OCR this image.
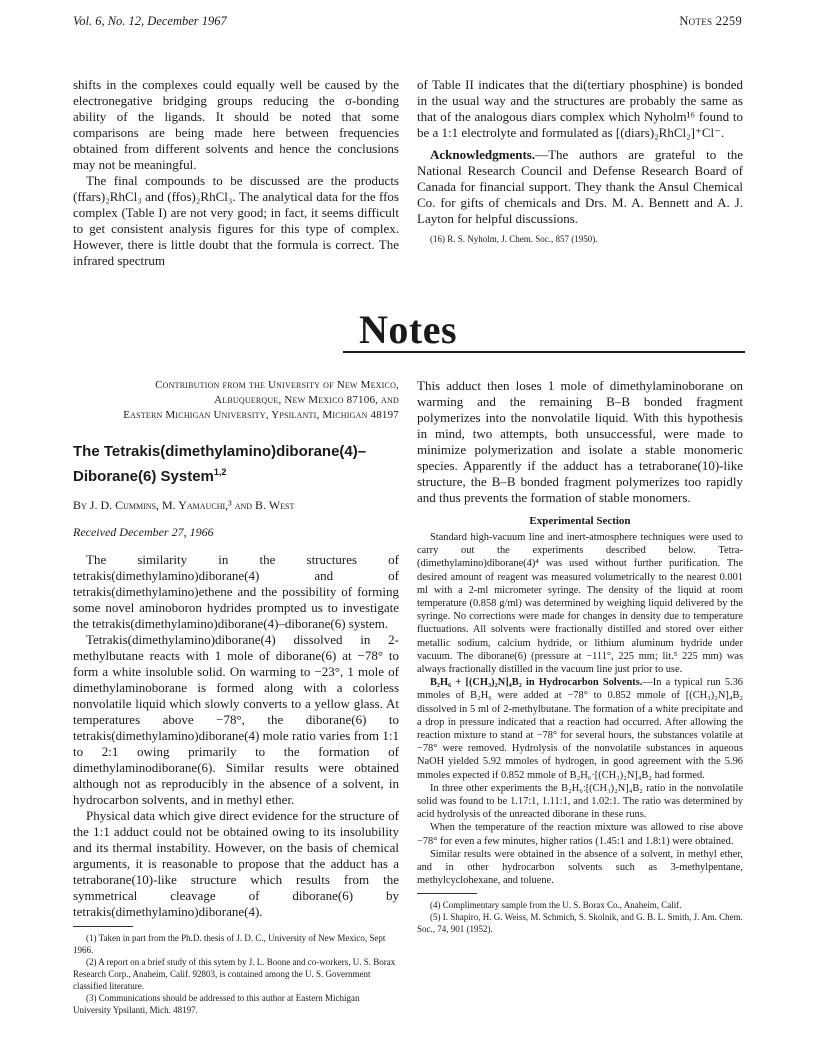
Vol. 6, No. 12, December 1967	Notes 2259

shifts in the complexes could equally well be caused by the electronegative bridging groups reducing the σ-bonding ability of the ligands. It should be noted that some comparisons are being made here between frequencies obtained from different solvents and hence the conclusions may not be meaningful.

The final compounds to be discussed are the products (ffars)₂RhCl₃ and (ffos)₂RhCl₃. The analytical data for the ffos complex (Table I) are not very good; in fact, it seems difficult to get consistent analysis figures for this type of complex. However, there is little doubt that the formula is correct. The infrared spectrum

of Table II indicates that the di(tertiary phosphine) is bonded in the usual way and the structures are probably the same as that of the analogous diars complex which Nyholm¹⁶ found to be a 1:1 electrolyte and formulated as [(diars)₂RhCl₂]⁺Cl⁻.

Acknowledgments.—The authors are grateful to the National Research Council and Defense Research Board of Canada for financial support. They thank the Ansul Chemical Co. for gifts of chemicals and Drs. M. A. Bennett and A. J. Layton for helpful discussions.

(16) R. S. Nyholm, J. Chem. Soc., 857 (1950).

Notes
Contribution from the University of New Mexico,
Albuquerque, New Mexico 87106, and
Eastern Michigan University, Ypsilanti, Michigan 48197
The Tetrakis(dimethylamino)diborane(4)–
Diborane(6) System$^{1,2}$
By J. D. Cummins, M. Yamauchi,³ and B. West
Received December 27, 1966

The similarity in the structures of tetrakis(dimethylamino)diborane(4) and of tetrakis(dimethylamino)ethene and the possibility of forming some novel aminoboron hydrides prompted us to investigate the tetrakis(dimethylamino)diborane(4)–diborane(6) system.

Tetrakis(dimethylamino)diborane(4) dissolved in 2-methylbutane reacts with 1 mole of diborane(6) at −78° to form a white insoluble solid. On warming to −23°, 1 mole of dimethylaminoborane is formed along with a colorless nonvolatile liquid which slowly converts to a yellow glass. At temperatures above −78°, the diborane(6) to tetrakis(dimethylamino)diborane(4) mole ratio varies from 1:1 to 2:1 owing primarily to the formation of dimethylaminodiborane(6). Similar results were obtained although not as reproducibly in the absence of a solvent, in hydrocarbon solvents, and in methyl ether.

Physical data which give direct evidence for the structure of the 1:1 adduct could not be obtained owing to its insolubility and its thermal instability. However, on the basis of chemical arguments, it is reasonable to propose that the adduct has a tetraborane(10)-like structure which results from the symmetrical cleavage of diborane(6) by tetrakis(dimethylamino)diborane(4).

(1) Taken in part from the Ph.D. thesis of J. D. C., University of New Mexico, Sept 1966.

(2) A report on a brief study of this sytem by J. L. Boone and co-workers, U. S. Borax Research Corp., Anaheim, Calif. 92803, is contained among the U. S. Government classified literature.

(3) Communications should be addressed to this author at Eastern Michigan University Ypsilanti, Mich. 48197.

This adduct then loses 1 mole of dimethylaminoborane on warming and the remaining B–B bonded fragment polymerizes into the nonvolatile liquid. With this hypothesis in mind, two attempts, both unsuccessful, were made to minimize polymerization and isolate a stable monomeric species. Apparently if the adduct has a tetraborane(10)-like structure, the B–B bonded fragment polymerizes too rapidly and thus prevents the formation of stable monomers.

Experimental Section

Standard high-vacuum line and inert-atmosphere techniques were used to carry out the experiments described below. Tetra-(dimethylamino)diborane(4)⁴ was used without further purification. The desired amount of reagent was measured volumetrically to the nearest 0.001 ml with a 2-ml micrometer syringe. The density of the liquid at room temperature (0.858 g/ml) was determined by weighing liquid delivered by the syringe. No corrections were made for changes in density due to temperature fluctuations. All solvents were fractionally distilled and stored over either metallic sodium, calcium hydride, or lithium aluminum hydride under vacuum. The diborane(6) (pressure at −111°, 225 mm; lit.⁵ 225 mm) was always fractionally distilled in the vacuum line just prior to use.

B₂H₆ + [(CH₃)₂N]₄B₂ in Hydrocarbon Solvents.—In a typical run 5.36 mmoles of B₂H₆ were added at −78° to 0.852 mmole of [(CH₃)₂N]₄B₂ dissolved in 5 ml of 2-methylbutane. The formation of a white precipitate and a drop in pressure indicated that a reaction had occurred. After allowing the reaction mixture to stand at −78° for several hours, the substances volatile at −78° were removed. Hydrolysis of the nonvolatile substances in aqueous NaOH yielded 5.92 mmoles of hydrogen, in good agreement with the 5.96 mmoles expected if 0.852 mmole of B₂H₆·[(CH₃)₂N]₄B₂ had formed.

In three other experiments the B₂H₆:[(CH₃)₂N]₄B₂ ratio in the nonvolatile solid was found to be 1.17:1, 1.11:1, and 1.02:1. The ratio was determined by acid hydrolysis of the unreacted diborane in these runs.

When the temperature of the reaction mixture was allowed to rise above −78° for even a few minutes, higher ratios (1.45:1 and 1.8:1) were obtained.

Similar results were obtained in the absence of a solvent, in methyl ether, and in other hydrocarbon solvents such as 3-methylpentane, methylcyclohexane, and toluene.

(4) Complimentary sample from the U. S. Borax Co., Anaheim, Calif.

(5) I. Shapiro, H. G. Weiss, M. Schmich, S. Skolnik, and G. B. L. Smith, J. Am. Chem. Soc., 74, 901 (1952).
